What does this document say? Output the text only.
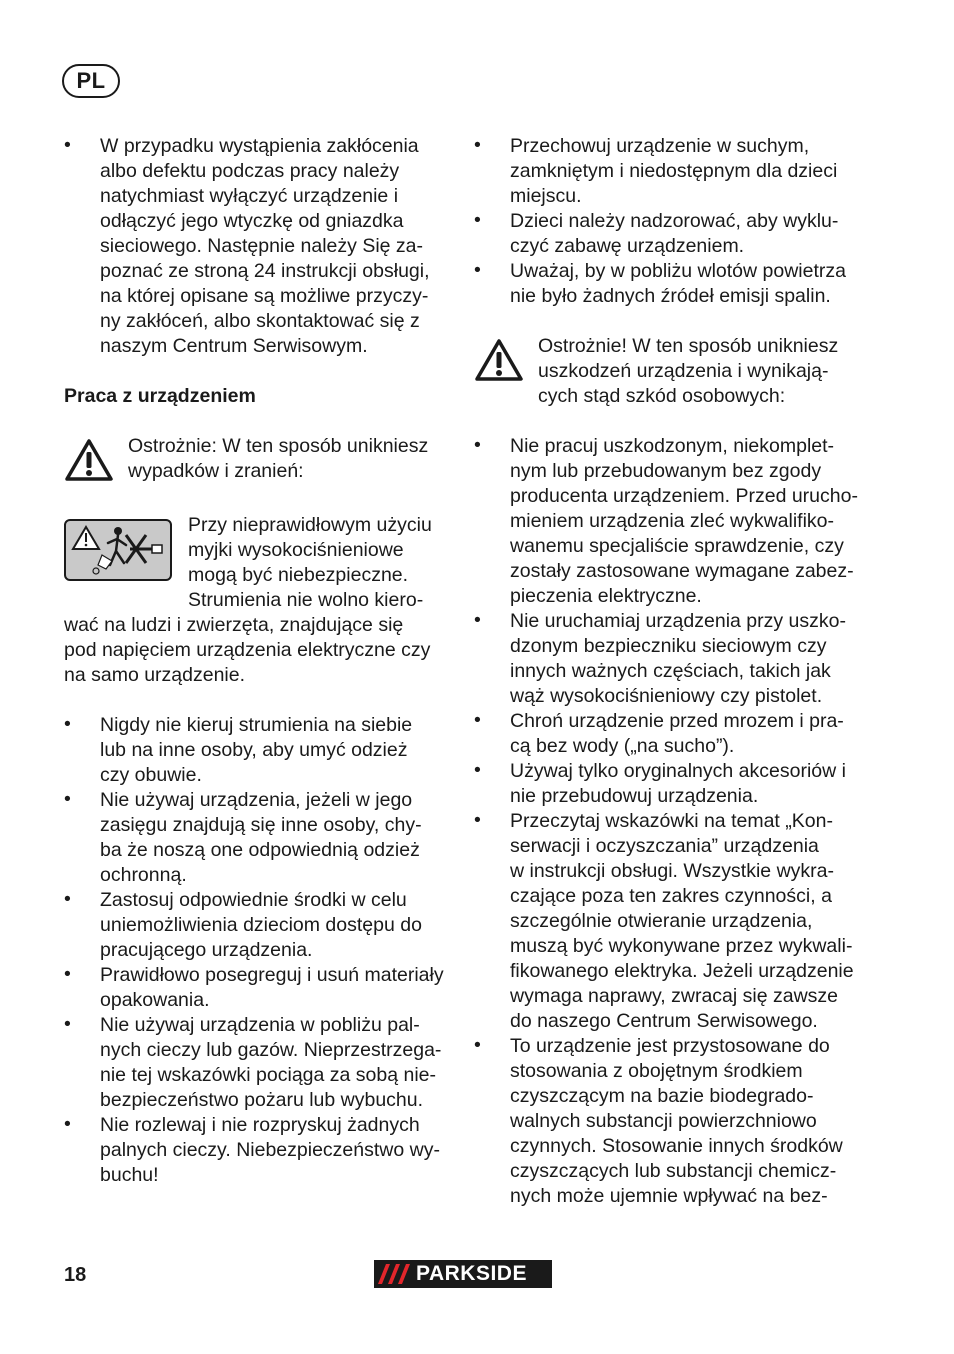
PL
• W przypadku wystąpienia zakłócenia
albo defektu podczas pracy należy
natychmiast wyłączyć urządzenie i
odłączyć jego wtyczkę od gniazdka
sieciowego. Następnie należy Się za-
poznać ze stroną 24 instrukcji obsługi,
na której opisane są możliwe przyczy-
ny zakłóceń, albo skontaktować się z
naszym Centrum Serwisowym.
Praca z urządzeniem
Ostrożnie: W ten sposób unikniesz
wypadków i zranień:
Przy nieprawidłowym użyciu
myjki wysokociśnieniowe
mogą być niebezpieczne.
Strumienia nie wolno kiero-
wać na ludzi i zwierzęta, znajdujące się
pod napięciem urządzenia elektryczne czy
na samo urządzenie.
• Nigdy nie kieruj strumienia na siebie
lub na inne osoby, aby umyć odzież
czy obuwie.
• Nie używaj urządzenia, jeżeli w jego
zasięgu znajdują się inne osoby, chy-
ba że noszą one odpowiednią odzież
ochronną.
• Zastosuj odpowiednie środki w celu
uniemożliwienia dzieciom dostępu do
pracującego urządzenia.
• Prawidłowo posegreguj i usuń materiały
opakowania.
• Nie używaj urządzenia w pobliżu pal-
nych cieczy lub gazów. Nieprzestrzega-
nie tej wskazówki pociąga za sobą nie-
bezpieczeństwo pożaru lub wybuchu.
• Nie rozlewaj i nie rozpryskuj żadnych
palnych cieczy. Niebezpieczeństwo wy-
buchu!
• Przechowuj urządzenie w suchym,
zamkniętym i niedostępnym dla dzieci
miejscu.
• Dzieci należy nadzorować, aby wyklu-
czyć zabawę urządzeniem.
• Uważaj, by w pobliżu wlotów powietrza
nie było żadnych źródeł emisji spalin.
Ostrożnie! W ten sposób unikniesz
uszkodzeń urządzenia i wynikają-
cych stąd szkód osobowych:
• Nie pracuj uszkodzonym, niekomplet-
nym lub przebudowanym bez zgody
producenta urządzeniem. Przed urucho-
mieniem urządzenia zleć wykwalifiko-
wanemu specjaliście sprawdzenie, czy
zostały zastosowane wymagane zabez-
pieczenia elektryczne.
• Nie uruchamiaj urządzenia przy uszko-
dzonym bezpieczniku sieciowym czy
innych ważnych częściach, takich jak
wąż wysokociśnieniowy czy pistolet.
• Chroń urządzenie przed mrozem i pra-
cą bez wody („na sucho”).
• Używaj tylko oryginalnych akcesoriów i
nie przebudowuj urządzenia.
• Przeczytaj wskazówki na temat „Kon-
serwacji i oczyszczania” urządzenia
w instrukcji obsługi. Wszystkie wykra-
czające poza ten zakres czynności, a
szczególnie otwieranie urządzenia,
muszą być wykonywane przez wykwali-
fikowanego elektryka. Jeżeli urządzenie
wymaga naprawy, zwracaj się zawsze
do naszego Centrum Serwisowego.
• To urządzenie jest przystosowane do
stosowania z obojętnym środkiem
czyszczącym na bazie biodegrado-
walnych substancji powierzchniowo
czynnych. Stosowanie innych środków
czyszczących lub substancji chemicz-
nych może ujemnie wpływać na bez-
18	PARKSIDE
